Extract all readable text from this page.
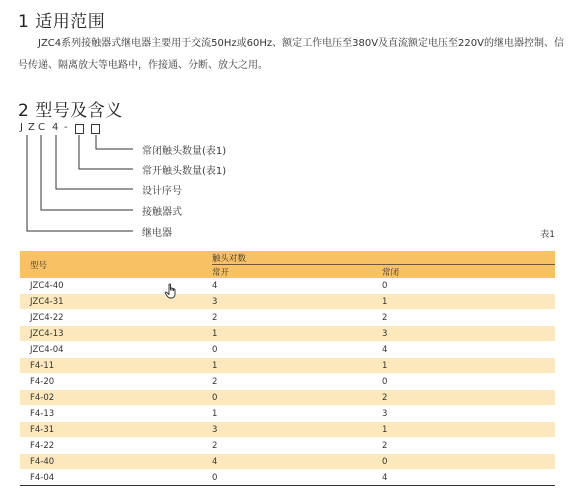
1 适用范围
JZC4系列接触器式继电器主要用于交流50Hz或60Hz、额定工作电压至380V及直流额定电压至220V的继电器控制、信号传递、隔离放大等电路中，作接通、分断、放大之用。
2 型号及含义
J Z C 4 -
常闭触头数量(表1)
常开触头数量(表1)
设计序号
接触器式
继电器	表1
型号	触头对数	
	常开	常闭
JZC4-40	4	0
JZC4-31	3	1
JZC4-22	2	2
JZC4-13	1	3
JZC4-04	0	4
F4-11	1	1
F4-20	2	0
F4-02	0	2
F4-13	1	3
F4-31	3	1
F4-22	2	2
F4-40	4	0
F4-04	0	4
